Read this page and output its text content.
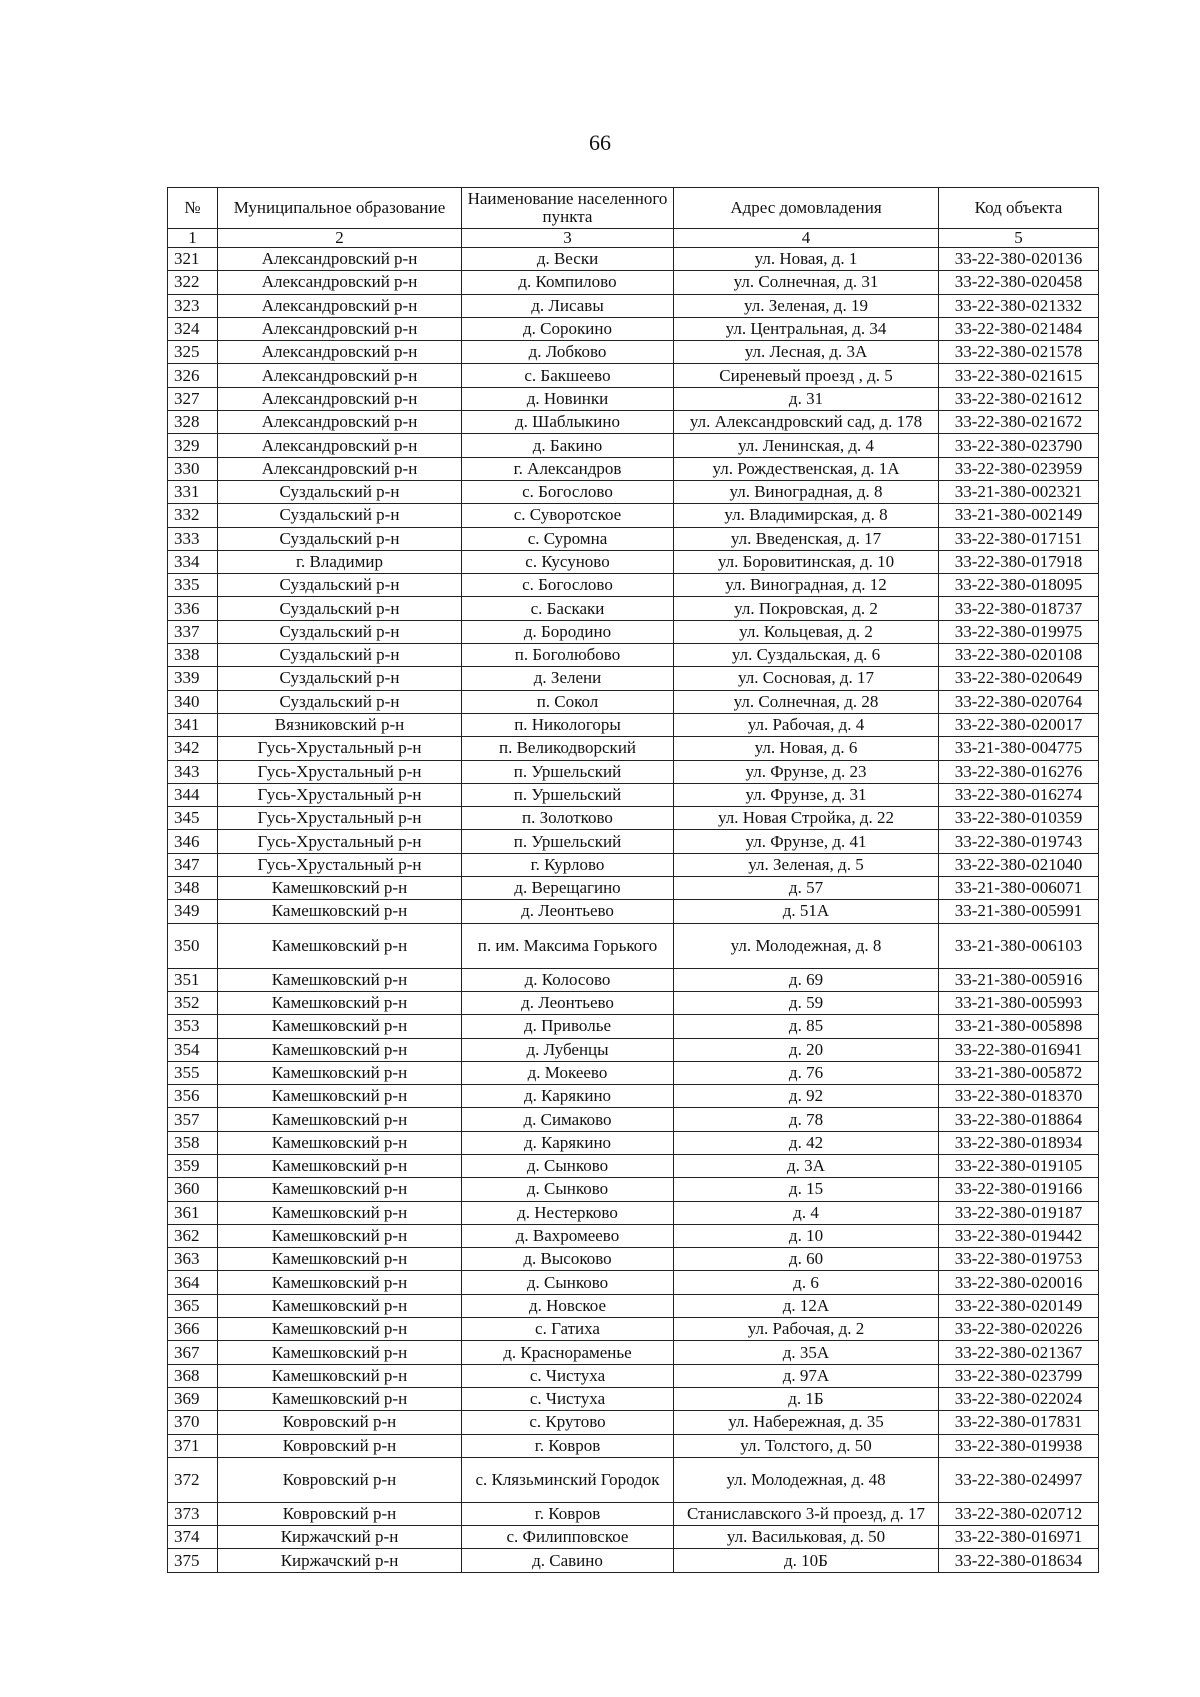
66
№	Муниципальное образование	Наименование населенного пункта	Адрес домовладения	Код объекта
1	2	3	4	5
321	Александровский р-н	д. Вески	ул. Новая, д. 1	33-22-380-020136
322	Александровский р-н	д. Компилово	ул. Солнечная, д. 31	33-22-380-020458
323	Александровский р-н	д. Лисавы	ул. Зеленая, д. 19	33-22-380-021332
324	Александровский р-н	д. Сорокино	ул. Центральная, д. 34	33-22-380-021484
325	Александровский р-н	д. Лобково	ул. Лесная, д. 3А	33-22-380-021578
326	Александровский р-н	с. Бакшеево	Сиреневый проезд , д. 5	33-22-380-021615
327	Александровский р-н	д. Новинки	д. 31	33-22-380-021612
328	Александровский р-н	д. Шаблыкино	ул. Александровский сад, д. 178	33-22-380-021672
329	Александровский р-н	д. Бакино	ул. Ленинская, д. 4	33-22-380-023790
330	Александровский р-н	г. Александров	ул. Рождественская, д. 1А	33-22-380-023959
331	Суздальский р-н	с. Богослово	ул. Виноградная, д. 8	33-21-380-002321
332	Суздальский р-н	с. Суворотское	ул. Владимирская, д. 8	33-21-380-002149
333	Суздальский р-н	с. Суромна	ул. Введенская, д. 17	33-22-380-017151
334	г. Владимир	с. Кусуново	ул. Боровитинская, д. 10	33-22-380-017918
335	Суздальский р-н	с. Богослово	ул. Виноградная, д. 12	33-22-380-018095
336	Суздальский р-н	с. Баскаки	ул. Покровская, д. 2	33-22-380-018737
337	Суздальский р-н	д. Бородино	ул. Кольцевая, д. 2	33-22-380-019975
338	Суздальский р-н	п. Боголюбово	ул. Суздальская, д. 6	33-22-380-020108
339	Суздальский р-н	д. Зелени	ул. Сосновая, д. 17	33-22-380-020649
340	Суздальский р-н	п. Сокол	ул. Солнечная, д. 28	33-22-380-020764
341	Вязниковский р-н	п. Никологоры	ул. Рабочая, д. 4	33-22-380-020017
342	Гусь-Хрустальный р-н	п. Великодворский	ул. Новая, д. 6	33-21-380-004775
343	Гусь-Хрустальный р-н	п. Уршельский	ул. Фрунзе, д. 23	33-22-380-016276
344	Гусь-Хрустальный р-н	п. Уршельский	ул. Фрунзе, д. 31	33-22-380-016274
345	Гусь-Хрустальный р-н	п. Золотково	ул. Новая Стройка, д. 22	33-22-380-010359
346	Гусь-Хрустальный р-н	п. Уршельский	ул. Фрунзе, д. 41	33-22-380-019743
347	Гусь-Хрустальный р-н	г. Курлово	ул. Зеленая, д. 5	33-22-380-021040
348	Камешковский р-н	д. Верещагино	д. 57	33-21-380-006071
349	Камешковский р-н	д. Леонтьево	д. 51А	33-21-380-005991
350	Камешковский р-н	п. им. Максима Горького	ул. Молодежная, д. 8	33-21-380-006103
351	Камешковский р-н	д. Колосово	д. 69	33-21-380-005916
352	Камешковский р-н	д. Леонтьево	д. 59	33-21-380-005993
353	Камешковский р-н	д. Приволье	д. 85	33-21-380-005898
354	Камешковский р-н	д. Лубенцы	д. 20	33-22-380-016941
355	Камешковский р-н	д. Мокеево	д. 76	33-21-380-005872
356	Камешковский р-н	д. Карякино	д. 92	33-22-380-018370
357	Камешковский р-н	д. Симаково	д. 78	33-22-380-018864
358	Камешковский р-н	д. Карякино	д. 42	33-22-380-018934
359	Камешковский р-н	д. Сынково	д. 3А	33-22-380-019105
360	Камешковский р-н	д. Сынково	д. 15	33-22-380-019166
361	Камешковский р-н	д. Нестерково	д. 4	33-22-380-019187
362	Камешковский р-н	д. Вахромеево	д. 10	33-22-380-019442
363	Камешковский р-н	д. Высоково	д. 60	33-22-380-019753
364	Камешковский р-н	д. Сынково	д. 6	33-22-380-020016
365	Камешковский р-н	д. Новское	д. 12А	33-22-380-020149
366	Камешковский р-н	с. Гатиха	ул. Рабочая, д. 2	33-22-380-020226
367	Камешковский р-н	д. Краснораменье	д. 35А	33-22-380-021367
368	Камешковский р-н	с. Чистуха	д. 97А	33-22-380-023799
369	Камешковский р-н	с. Чистуха	д. 1Б	33-22-380-022024
370	Ковровский р-н	с. Крутово	ул. Набережная, д. 35	33-22-380-017831
371	Ковровский р-н	г. Ковров	ул. Толстого, д. 50	33-22-380-019938
372	Ковровский р-н	с. Клязьминский Городок	ул. Молодежная, д. 48	33-22-380-024997
373	Ковровский р-н	г. Ковров	Станиславского 3-й проезд, д. 17	33-22-380-020712
374	Киржачский р-н	с. Филипповское	ул. Васильковая, д. 50	33-22-380-016971
375	Киржачский р-н	д. Савино	д. 10Б	33-22-380-018634
